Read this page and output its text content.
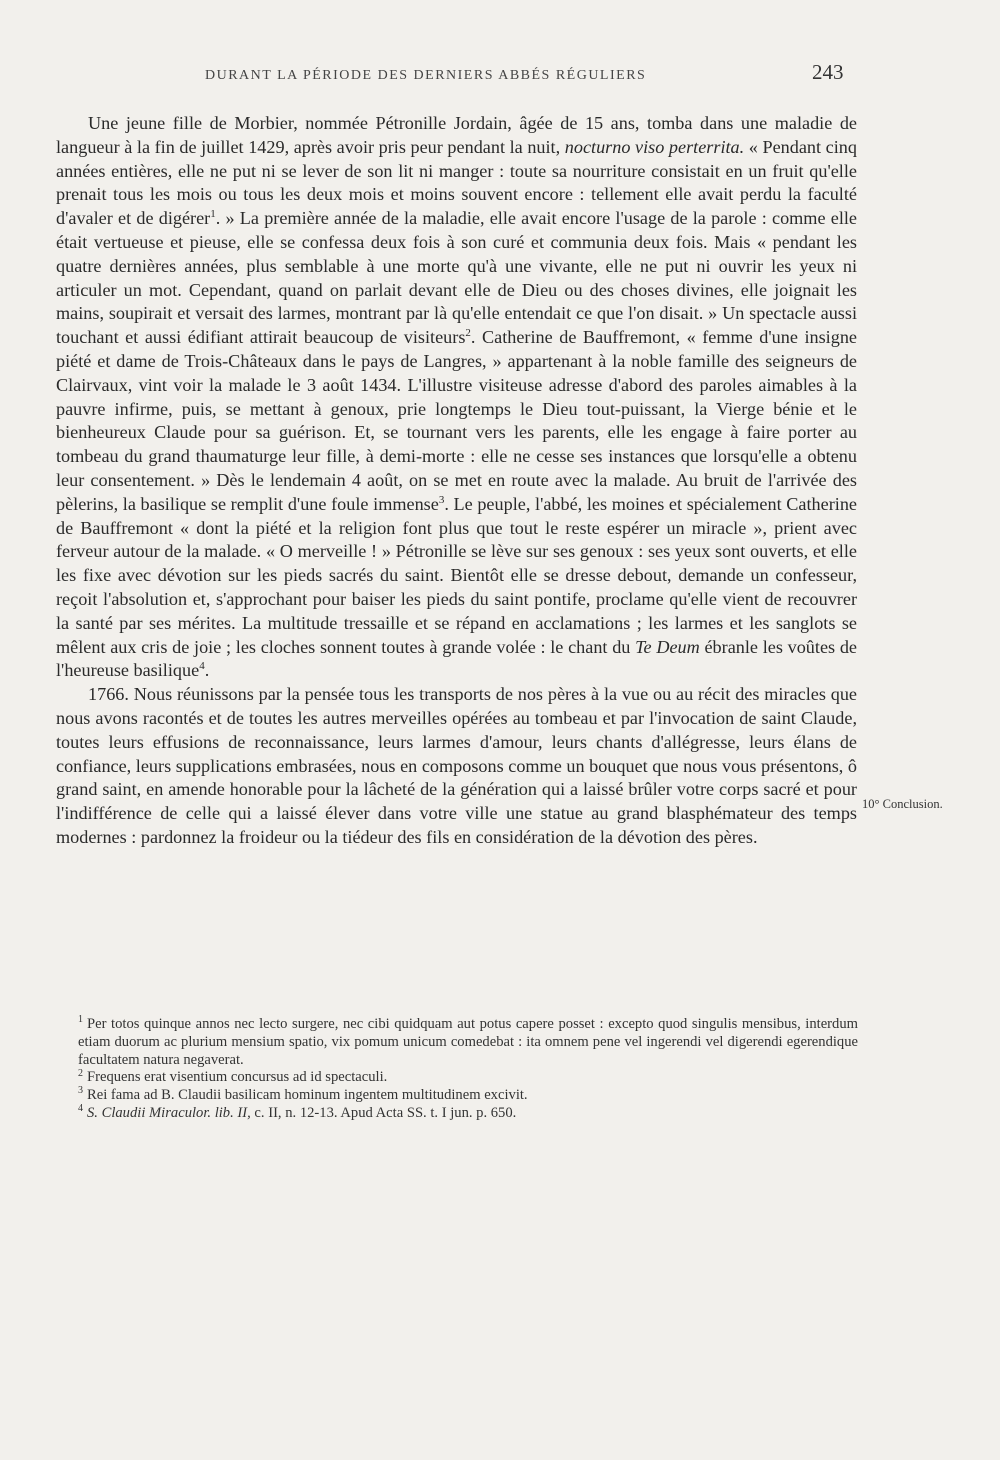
DURANT LA PÉRIODE DES DERNIERS ABBÉS RÉGULIERS	243

Une jeune fille de Morbier, nommée Pétronille Jordain, âgée de 15 ans, tomba dans une maladie de langueur à la fin de juillet 1429, après avoir pris peur pendant la nuit, nocturno viso perterrita. « Pendant cinq années entières, elle ne put ni se lever de son lit ni manger : toute sa nourriture consistait en un fruit qu'elle prenait tous les mois ou tous les deux mois et moins souvent encore : tellement elle avait perdu la faculté d'avaler et de digérer$^1$. » La première année de la maladie, elle avait encore l'usage de la parole : comme elle était vertueuse et pieuse, elle se confessa deux fois à son curé et communia deux fois. Mais « pendant les quatre dernières années, plus semblable à une morte qu'à une vivante, elle ne put ni ouvrir les yeux ni articuler un mot. Cependant, quand on parlait devant elle de Dieu ou des choses divines, elle joignait les mains, soupirait et versait des larmes, montrant par là qu'elle entendait ce que l'on disait. » Un spectacle aussi touchant et aussi édifiant attirait beaucoup de visiteurs$^2$. Catherine de Bauffremont, « femme d'une insigne piété et dame de Trois-Châteaux dans le pays de Langres, » appartenant à la noble famille des seigneurs de Clairvaux, vint voir la malade le 3 août 1434. L'illustre visiteuse adresse d'abord des paroles aimables à la pauvre infirme, puis, se mettant à genoux, prie longtemps le Dieu tout-puissant, la Vierge bénie et le bienheureux Claude pour sa guérison. Et, se tournant vers les parents, elle les engage à faire porter au tombeau du grand thaumaturge leur fille, à demi-morte : elle ne cesse ses instances que lorsqu'elle a obtenu leur consentement. » Dès le lendemain 4 août, on se met en route avec la malade. Au bruit de l'arrivée des pèlerins, la basilique se remplit d'une foule immense$^3$. Le peuple, l'abbé, les moines et spécialement Catherine de Bauffremont « dont la piété et la religion font plus que tout le reste espérer un miracle », prient avec ferveur autour de la malade. « O merveille ! » Pétronille se lève sur ses genoux : ses yeux sont ouverts, et elle les fixe avec dévotion sur les pieds sacrés du saint. Bientôt elle se dresse debout, demande un confesseur, reçoit l'absolution et, s'approchant pour baiser les pieds du saint pontife, proclame qu'elle vient de recouvrer la santé par ses mérites. La multitude tressaille et se répand en acclamations ; les larmes et les sanglots se mêlent aux cris de joie ; les cloches sonnent toutes à grande volée : le chant du Te Deum ébranle les voûtes de l'heureuse basilique$^4$.

1766. Nous réunissons par la pensée tous les transports de nos pères à la vue ou au récit des miracles que nous avons racontés et de toutes les autres merveilles opérées au tombeau et par l'invocation de saint Claude, toutes leurs effusions de reconnaissance, leurs larmes d'amour, leurs chants d'allégresse, leurs élans de confiance, leurs supplications embrasées, nous en composons comme un bouquet que nous vous présentons, ô grand saint, en amende honorable pour la lâcheté de la génération qui a laissé brûler votre corps sacré et pour l'indifférence de celle qui a laissé élever dans votre ville une statue au grand blasphémateur des temps modernes : pardonnez la froideur ou la tiédeur des fils en considération de la dévotion des pères.

10° Conclusion.

$^1$ Per totos quinque annos nec lecto surgere, nec cibi quidquam aut potus capere posset : excepto quod singulis mensibus, interdum etiam duorum ac plurium mensium spatio, vix pomum unicum comedebat : ita omnem pene vel ingerendi vel digerendi egerendique facultatem natura negaverat.

$^2$ Frequens erat visentium concursus ad id spectaculi.

$^3$ Rei fama ad B. Claudii basilicam hominum ingentem multitudinem excivit.

$^4$ S. Claudii Miraculor. lib. II, c. II, n. 12-13. Apud Acta SS. t. I jun. p. 650.
